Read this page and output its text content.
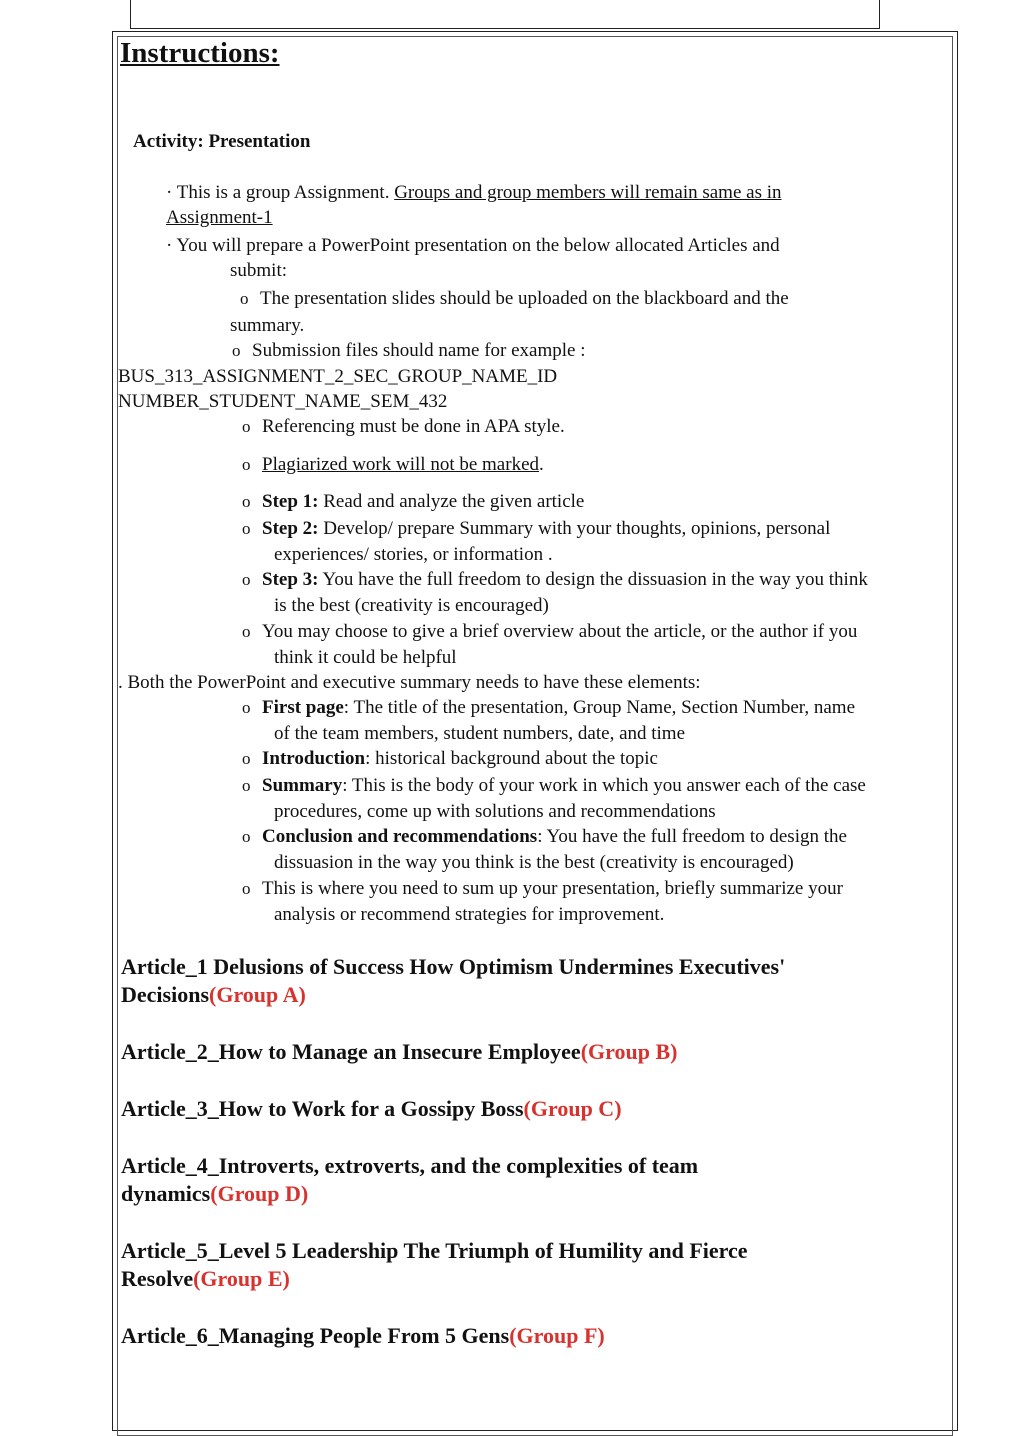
Instructions:
Activity: Presentation
· This is a group Assignment. Groups and group members will remain same as in
Assignment-1
· You will prepare a PowerPoint presentation on the below allocated Articles and
submit:
o The presentation slides should be uploaded on the blackboard and the
summary.
o Submission files should name for example :
BUS_313_ASSIGNMENT_2_SEC_GROUP_NAME_ID
NUMBER_STUDENT_NAME_SEM_432
o Referencing must be done in APA style.
o Plagiarized work will not be marked.
o Step 1: Read and analyze the given article
o Step 2: Develop/ prepare Summary with your thoughts, opinions, personal
experiences/ stories, or information .
o Step 3: You have the full freedom to design the dissuasion in the way you think
is the best (creativity is encouraged)
o You may choose to give a brief overview about the article, or the author if you
think it could be helpful
. Both the PowerPoint and executive summary needs to have these elements:
o First page: The title of the presentation, Group Name, Section Number, name
of the team members, student numbers, date, and time
o Introduction: historical background about the topic
o Summary: This is the body of your work in which you answer each of the case
procedures, come up with solutions and recommendations
o Conclusion and recommendations: You have the full freedom to design the
dissuasion in the way you think is the best (creativity is encouraged)
o This is where you need to sum up your presentation, briefly summarize your
analysis or recommend strategies for improvement.
Article_1 Delusions of Success How Optimism Undermines Executives'
Decisions(Group A)
Article_2_How to Manage an Insecure Employee(Group B)
Article_3_How to Work for a Gossipy Boss(Group C)
Article_4_Introverts, extroverts, and the complexities of team
dynamics(Group D)
Article_5_Level 5 Leadership The Triumph of Humility and Fierce
Resolve(Group E)
Article_6_Managing People From 5 Gens(Group F)
